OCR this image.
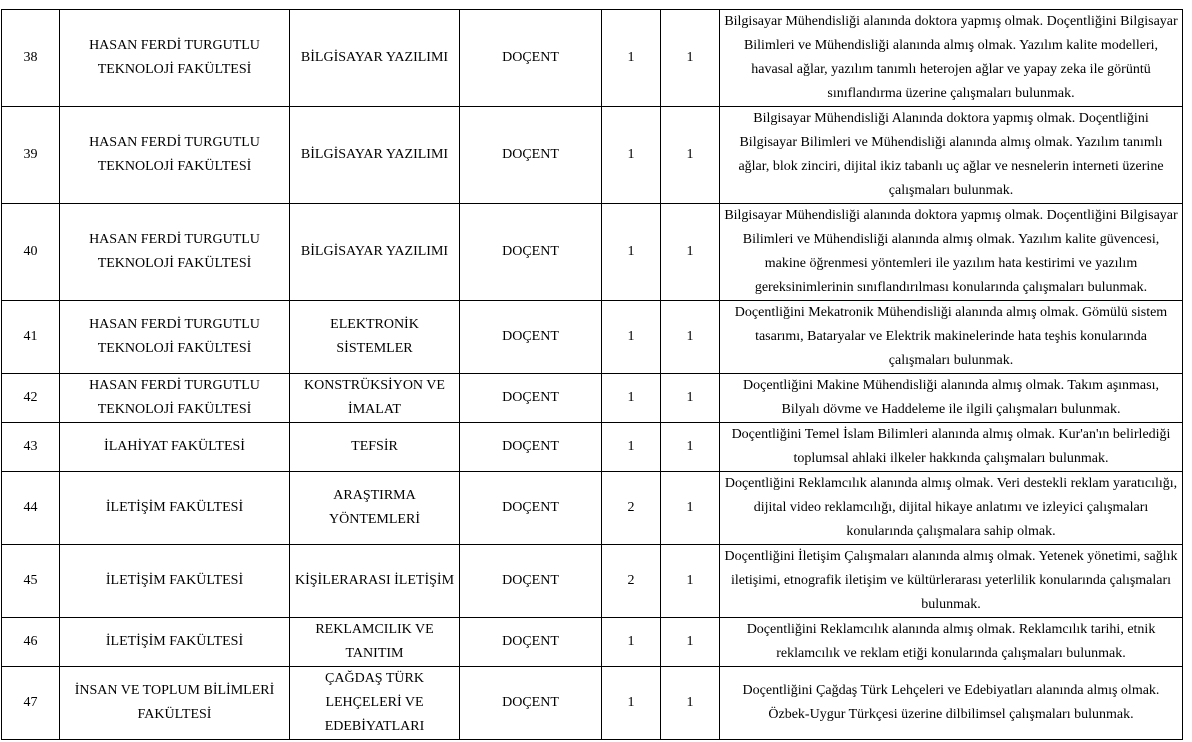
38	HASAN FERDİ TURGUTLU TEKNOLOJİ FAKÜLTESİ	BİLGİSAYAR YAZILIMI	DOÇENT	1	1	Bilgisayar Mühendisliği alanında doktora yapmış olmak. Doçentliğini Bilgisayar Bilimleri ve Mühendisliği alanında almış olmak. Yazılım kalite modelleri, havasal ağlar, yazılım tanımlı heterojen ağlar ve yapay zeka ile görüntü sınıflandırma üzerine çalışmaları bulunmak.
39	HASAN FERDİ TURGUTLU TEKNOLOJİ FAKÜLTESİ	BİLGİSAYAR YAZILIMI	DOÇENT	1	1	Bilgisayar Mühendisliği Alanında doktora yapmış olmak. Doçentliğini Bilgisayar Bilimleri ve Mühendisliği alanında almış olmak. Yazılım tanımlı ağlar, blok zinciri, dijital ikiz tabanlı uç ağlar ve nesnelerin interneti üzerine çalışmaları bulunmak.
40	HASAN FERDİ TURGUTLU TEKNOLOJİ FAKÜLTESİ	BİLGİSAYAR YAZILIMI	DOÇENT	1	1	Bilgisayar Mühendisliği alanında doktora yapmış olmak. Doçentliğini Bilgisayar Bilimleri ve Mühendisliği alanında almış olmak. Yazılım kalite güvencesi, makine öğrenmesi yöntemleri ile yazılım hata kestirimi ve yazılım gereksinimlerinin sınıflandırılması konularında çalışmaları bulunmak.
41	HASAN FERDİ TURGUTLU TEKNOLOJİ FAKÜLTESİ	ELEKTRONİK SİSTEMLER	DOÇENT	1	1	Doçentliğini Mekatronik Mühendisliği alanında almış olmak. Gömülü sistem tasarımı, Bataryalar ve Elektrik makinelerinde hata teşhis konularında çalışmaları bulunmak.
42	HASAN FERDİ TURGUTLU TEKNOLOJİ FAKÜLTESİ	KONSTRÜKSİYON VE İMALAT	DOÇENT	1	1	Doçentliğini Makine Mühendisliği alanında almış olmak. Takım aşınması, Bilyalı dövme ve Haddeleme ile ilgili çalışmaları bulunmak.
43	İLAHİYAT FAKÜLTESİ	TEFSİR	DOÇENT	1	1	Doçentliğini Temel İslam Bilimleri alanında almış olmak. Kur'an'ın belirlediği toplumsal ahlaki ilkeler hakkında çalışmaları bulunmak.
44	İLETİŞİM FAKÜLTESİ	ARAŞTIRMA YÖNTEMLERİ	DOÇENT	2	1	Doçentliğini Reklamcılık alanında almış olmak. Veri destekli reklam yaratıcılığı, dijital video reklamcılığı, dijital hikaye anlatımı ve izleyici çalışmaları konularında çalışmalara sahip olmak.
45	İLETİŞİM FAKÜLTESİ	KİŞİLERARASI İLETİŞİM	DOÇENT	2	1	Doçentliğini İletişim Çalışmaları alanında almış olmak. Yetenek yönetimi, sağlık iletişimi, etnografik iletişim ve kültürlerarası yeterlilik konularında çalışmaları bulunmak.
46	İLETİŞİM FAKÜLTESİ	REKLAMCILIK VE TANITIM	DOÇENT	1	1	Doçentliğini Reklamcılık alanında almış olmak. Reklamcılık tarihi, etnik reklamcılık ve reklam etiği konularında çalışmaları bulunmak.
47	İNSAN VE TOPLUM BİLİMLERİ FAKÜLTESİ	ÇAĞDAŞ TÜRK LEHÇELERİ VE EDEBİYATLARI	DOÇENT	1	1	Doçentliğini Çağdaş Türk Lehçeleri ve Edebiyatları alanında almış olmak. Özbek-Uygur Türkçesi üzerine dilbilimsel çalışmaları bulunmak.
